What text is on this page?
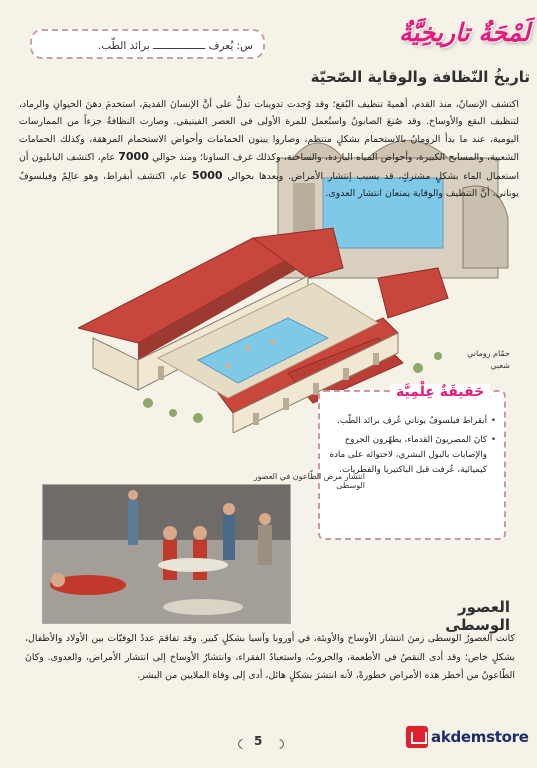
س: يُعرف ـــــــــــــــــ برائد الطّب.	لَمْحَةٌ تاريخِيَّةٌ
تاريخُ النّظافة والوقاية الصّحيّة
حمّام روماني شعبي
اكتشف الإنسانُ، منذ القدم، أهميةَ تنظيف البُقع؛ وقد وُجدت تدوينات تدلُّ على أنَّ الإنسانَ القديمَ، استخدمَ دهنَ الحيوانِ والرماد، لتنظيف البقع والأوساخ. وقد صُنعَ الصابونُ واستُعمل للمرة الأولى في العصر الفينيقي. وصارت النظافةُ جزءاً من الممارسات اليومية، عند ما بدأ الرومانُ بالاستحمام بشكلٍ منتظم، وصاروا يبنون الحمامات وأحواض الاستحمام المرهقة، وكذلك الحمامات الشعبية، والمسابح الكبيرة، وأحواض المياه الباردة، والساخنة، وكذلك غرف الساونا؛ ومنذ حوالي 7000 عام، اكتشف البابليون أن استعمال الماء بشكلٍ مشتركٍ، قد يسبب إنتشار الأمراض. وبعدها بحوالي 5000 عام، اكتشف أبقراط، وهو عالِمٌ وفيلسوفٌ يوناني، أنَّ التنظيف والوقاية يمنعان انتشار العدوى.
حَقيقَةٌ عِلْمِيَّة
• أبقراط فيلسوفٌ يوناني عُرف برائد الطّب.
• كانَ المصريونَ القدماء، يطهّرون الجروح والإصابات بالبول البشري، لاحتوائه على مادة كيميائية، عُرفت قبل الباكتيريا والفطريات.
انتشار مرض الطّاعون في العصور الوسطى
العصور الوسطى
كانت العصورُ الوسطى زمنَ انتشار الأوساخ والأوبئة، في أوروبا وآسيا بشكلٍ كبير. وقد تفاقمَ عددُ الوفيّات بين الأولاد والأطفال، بشكلٍ خاص؛ وقد أدى النقصُ في الأطعمة، والحروبُ، واستعبادُ الفقراء، وانتشارُ الأوساخ إلى انتشار الأمراض، والعدوى. وكانَ الطّاعونُ من أخطر هذه الأمراض خطورةً، لأنه انتشرَ بشكلٍ هائل، أدى إلى وفاة الملايين من البشر.
5	akdemstore
